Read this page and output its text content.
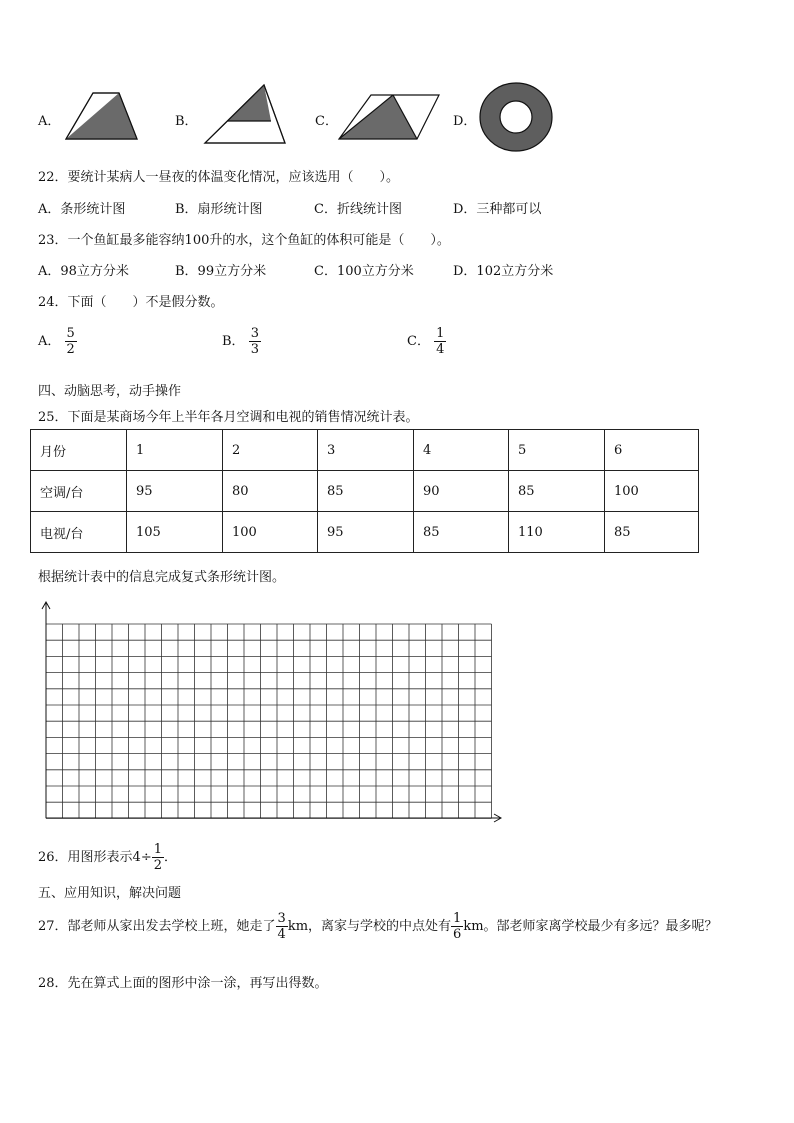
A．	B．	C．	D．
22．要统计某病人一昼夜的体温变化情况，应该选用（　　）。
A．条形统计图	B．扇形统计图	C．折线统计图	D．三种都可以
23．一个鱼缸最多能容纳100升的水，这个鱼缸的体积可能是（　　）。
A．98立方分米	B．99立方分米	C．100立方分米	D．102立方分米
24．下面（　　）不是假分数。
A． $\frac{5}{2}$	B． $\frac{3}{3}$	C． $\frac{1}{4}$
四、动脑思考，动手操作
25．下面是某商场今年上半年各月空调和电视的销售情况统计表。
月份	1	2	3	4	5	6
空调/台	95	80	85	90	85	100
电视/台	105	100	95	85	110	85
根据统计表中的信息完成复式条形统计图。
26．用图形表示$4\div \frac{1}{2}$ ．
五、应用知识，解决问题
27．郜老师从家出发去学校上班，她走了 $\frac{3}{4}$ km，离家与学校的中点处有 $\frac{1}{6}$ km。郜老师家离学校最少有多远？最多呢？
28．先在算式上面的图形中涂一涂，再写出得数。
